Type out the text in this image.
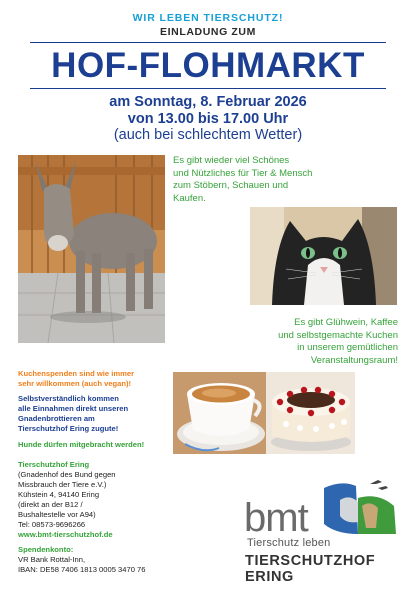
WIR LEBEN TIERSCHUTZ!
EINLADUNG ZUM
HOF-FLOHMARKT
am Sonntag, 8. Februar 2026
von 13.00 bis 17.00 Uhr
(auch bei schlechtem Wetter)
Es gibt wieder viel Schönes
und Nützliches für Tier & Mensch
zum Stöbern, Schauen und
Kaufen.
Es gibt Glühwein, Kaffee
und selbstgemachte Kuchen
in unserem gemütlichen
Veranstaltungsraum!
Kuchenspenden sind wie immer
sehr willkommen (auch vegan)!
Selbstverständlich kommen
alle Einnahmen direkt unseren
Gnadenbrottieren am
Tierschutzhof Ering zugute!
Hunde dürfen mitgebracht werden!
Tierschutzhof Ering
(Gnadenhof des Bund gegen
Missbrauch der Tiere e.V.)
Kühstein 4, 94140 Ering
(direkt an der B12 /
Bushaltestelle vor A94)
Tel: 08573-9696266
www.bmt-tierschutzhof.de
Spendenkonto:
VR Bank Rottal-Inn,
IBAN: DE58 7406 1813 0005 3470 76
bmt
Tierschutz leben
TIERSCHUTZHOF ERING
